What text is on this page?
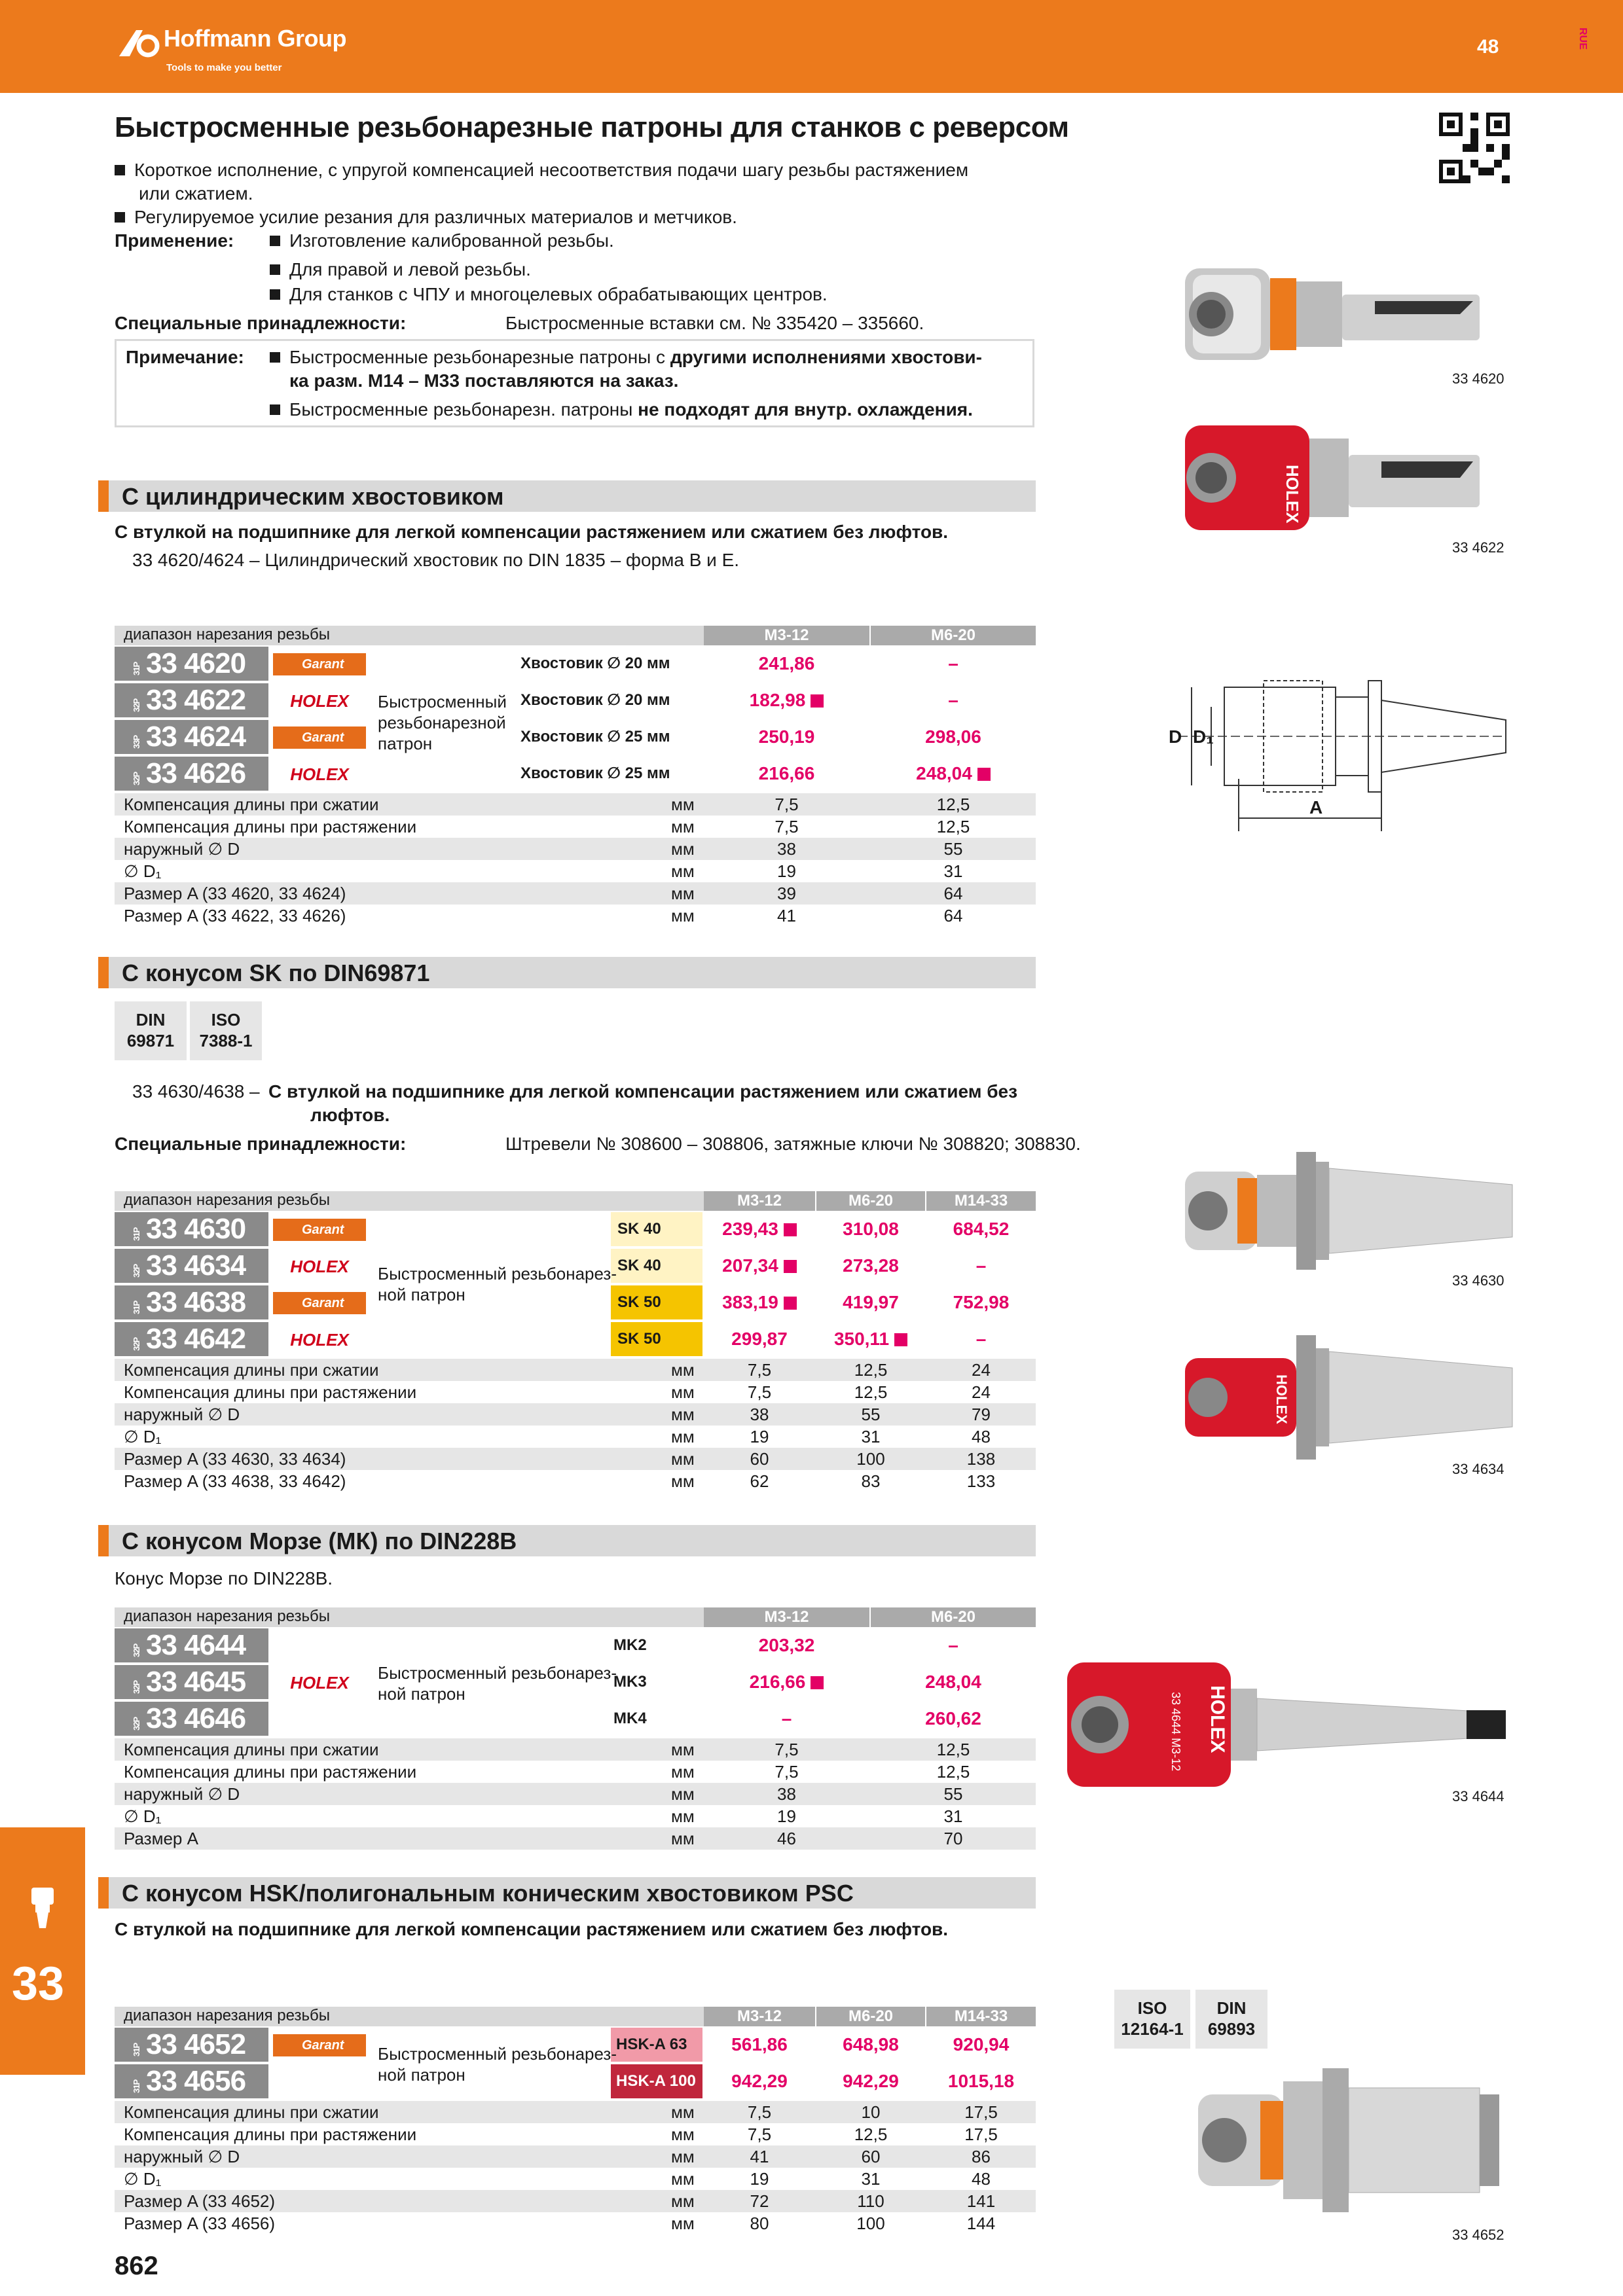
Hoffmann Group
Tools to make you better
48	RUE
Быстросменные резьбонарезные патроны для станков с реверсом
Короткое исполнение, с упругой компенсацией несоответствия подачи шагу резьбы растяжением
или сжатием.
Регулируемое усилие резания для различных материалов и метчиков.
Применение:	Изготовление калиброванной резьбы.
Для правой и левой резьбы.
Для станков с ЧПУ и многоцелевых обрабатывающих центров.
Специальные принадлежности:	Быстросменные вставки см. № 335420 – 335660.
Примечание:	Быстросменные резьбонарезные патроны с другими исполнениями хвостови-
ка разм. М14 – М33 поставляются на заказ.
Быстросменные резьбонарезн. патроны не подходят для внутр. охлаждения.
33 4620
HOLEX
33 4622
D D₁
A
33 4630
HOLEX
33 4634
HOLEX
33 4644 M3-12
33 4644
33 4652
С цилиндрическим хвостовиком
С втулкой на подшипнике для легкой компенсации растяжением или сжатием без люфтов.
33 4620/4624 – Цилиндрический хвостовик по DIN 1835 – форма B и E.
диапазон нарезания резьбы	M3-12	M6-20
31P 33 4620	Garant	Хвостовик ∅ 20 мм	241,86	–
32P 33 4622	HOLEX	Хвостовик ∅ 20 мм	182,98	–
33P 33 4624	Garant	Хвостовик ∅ 25 мм	250,19	298,06
32P 33 4626	HOLEX	Хвостовик ∅ 25 мм	216,66	248,04
Быстросменный
резьбонарезной
патрон
Компенсация длины при сжатии	мм	7,5	12,5
Компенсация длины при растяжении	мм	7,5	12,5
наружный ∅ D	мм	38	55
∅ D₁	мм	19	31
Размер A (33 4620, 33 4624)	мм	39	64
Размер A (33 4622, 33 4626)	мм	41	64
С конусом SK по DIN69871
DIN
69871
ISO
7388-1
33 4630/4638 – С втулкой на подшипнике для легкой компенсации растяжением или сжатием без
люфтов.
Специальные принадлежности:	Штревели № 308600 – 308806, затяжные ключи № 308820; 308830.
диапазон нарезания резьбы	M3-12	M6-20	M14-33
31P 33 4630	Garant	SK 40	239,43	310,08	684,52
32P 33 4634	HOLEX	SK 40	207,34	273,28	–
31P 33 4638	Garant	SK 50	383,19	419,97	752,98
32P 33 4642	HOLEX	SK 50	299,87	350,11	–
Быстросменный резьбонарез-
ной патрон
Компенсация длины при сжатии	мм	7,5	12,5	24
Компенсация длины при растяжении	мм	7,5	12,5	24
наружный ∅ D	мм	38	55	79
∅ D₁	мм	19	31	48
Размер A (33 4630, 33 4634)	мм	60	100	138
Размер A (33 4638, 33 4642)	мм	62	83	133
С конусом Морзе (МК) по DIN228B
Конус Морзе по DIN228B.
диапазон нарезания резьбы	M3-12	M6-20
32P 33 4644	MK2	203,32	–
32P 33 4645	HOLEX	MK3	216,66	248,04
32P 33 4646	MK4	–	260,62
Быстросменный резьбонарез-
ной патрон
Компенсация длины при сжатии	мм	7,5	12,5
Компенсация длины при растяжении	мм	7,5	12,5
наружный ∅ D	мм	38	55
∅ D₁	мм	19	31
Размер A	мм	46	70
С конусом HSK/полигональным коническим хвостовиком PSC
С втулкой на подшипнике для легкой компенсации растяжением или сжатием без люфтов.
ISO
12164-1
DIN
69893
диапазон нарезания резьбы	M3-12	M6-20	M14-33
31P 33 4652	Garant	HSK-A 63	561,86	648,98	920,94
31P 33 4656	HSK-A 100	942,29	942,29	1015,18
Быстросменный резьбонарез-
ной патрон
Компенсация длины при сжатии	мм	7,5	10	17,5
Компенсация длины при растяжении	мм	7,5	12,5	17,5
наружный ∅ D	мм	41	60	86
∅ D₁	мм	19	31	48
Размер A (33 4652)	мм	72	110	141
Размер A (33 4656)	мм	80	100	144
33
862
